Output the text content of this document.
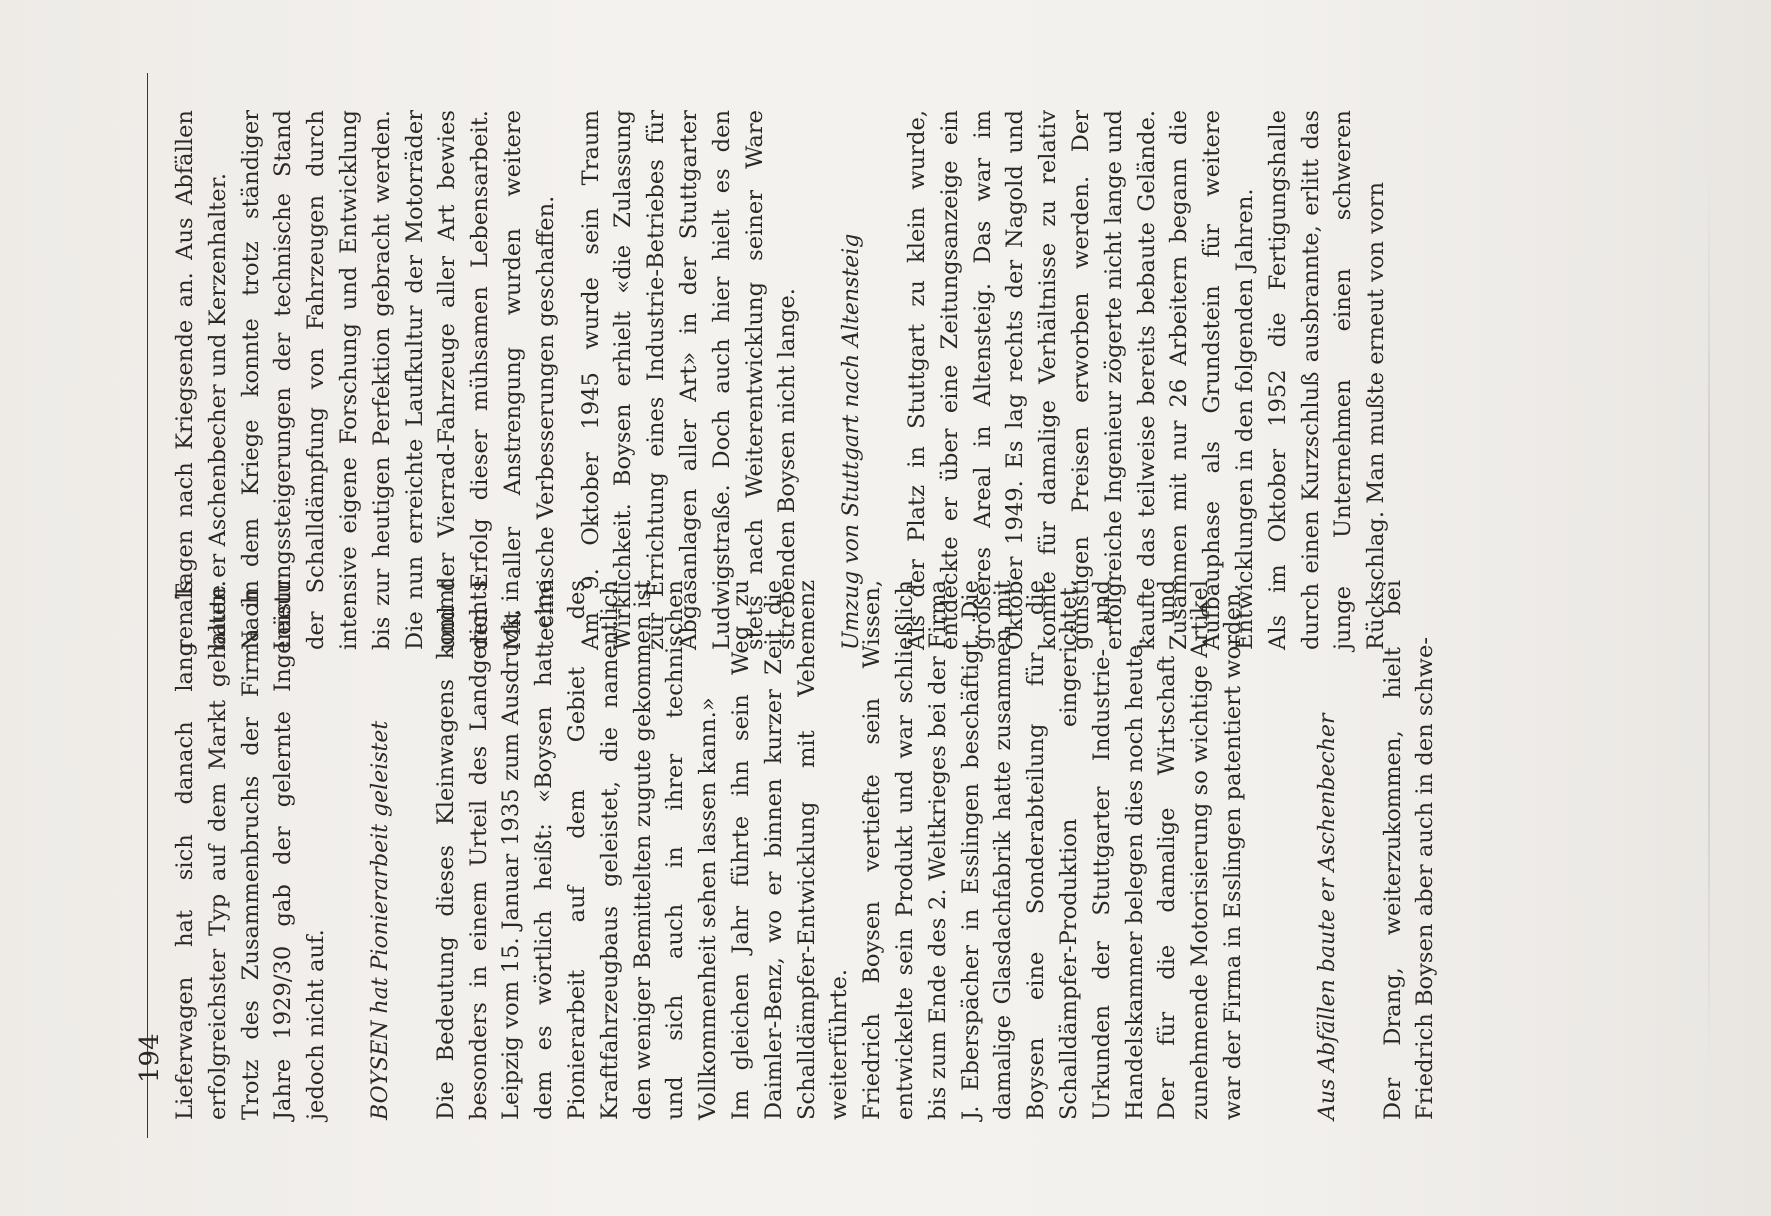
194 Lieferwagen hat sich danach lang als erfolgreichster Typ auf dem Markt gehalten. Trotz des Zusammenbruchs der Firma im Jahre 1929/30 gab der gelernte Ingenieur jedoch nicht auf. BOYSEN hat Pionierarbeit geleistet Die Bedeutung dieses Kleinwagens kommt besonders in einem Urteil des Landgerichts Leipzig vom 15. Januar 1935 zum Ausdruck, in dem es wörtlich heißt: «Boysen hat eine Pionierarbeit auf dem Gebiet des Kraftfahrzeugbaus geleistet, die namentlich den weniger Bemittelten zugute gekommen ist und sich auch in ihrer technischen Vollkommenheit sehen lassen kann.» Im gleichen Jahr führte ihn sein Weg zu Daimler-Benz, wo er binnen kurzer Zeit die Schalldämpfer-Entwicklung mit Vehemenz weiterführte. Friedrich Boysen vertiefte sein Wissen, entwickelte sein Produkt und war schließlich bis zum Ende des 2. Weltkrieges bei der Firma J. Eberspächer in Esslingen beschäftigt. Die damalige Glasdachfabrik hatte zusammen mit Boysen eine Sonderabteilung für die Schalldämpfer-Produktion eingerichtet. Urkunden der Stuttgarter Industrie- und Handelskammer belegen dies noch heute. Der für die damalige Wirtschaft und zunehmende Motorisierung so wichtige Artikel war der Firma in Esslingen patentiert worden.	Aus Abfällen baute er Aschenbecher Der Drang, weiterzukommen, hielt bei Friedrich Boysen aber auch in den schwe-

ren Tagen nach Kriegsende an. Aus Abfällen baute er Aschenbecher und Kerzenhalter. Nach dem Kriege konnte trotz ständiger Leistungssteigerungen der technische Stand der Schalldämpfung von Fahrzeugen durch intensive eigene Forschung und Entwicklung bis zur heutigen Perfektion gebracht werden. Die nun erreichte Laufkultur der Motorräder und der Vierrad-Fahrzeuge aller Art bewies den Erfolg dieser mühsamen Lebensarbeit. Mit aller Anstrengung wurden weitere technische Verbesserungen geschaffen. Am 9. Oktober 1945 wurde sein Traum Wirklichkeit. Boysen erhielt «die Zulassung zur Errichtung eines Industrie-Betriebes für Abgasanlagen aller Art» in der Stuttgarter Ludwigstraße. Doch auch hier hielt es den stets nach Weiterentwicklung seiner Ware strebenden Boysen nicht lange. Umzug von Stuttgart nach Altensteig Als der Platz in Stuttgart zu klein wurde, entdeckte er über eine Zeitungsanzeige ein größeres Areal in Altensteig. Das war im Oktober 1949. Es lag rechts der Nagold und konnte für damalige Verhältnisse zu relativ günstigen Preisen erworben werden. Der erfolgreiche Ingenieur zögerte nicht lange und kaufte das teilweise bereits bebaute Gelände. Zusammen mit nur 26 Arbeitern begann die Aufbauphase als Grundstein für weitere Entwicklungen in den folgenden Jahren. Als im Oktober 1952 die Fertigungshalle durch einen Kurzschluß ausbrannte, erlitt das junge Unternehmen einen schweren Rückschlag. Man mußte erneut von vorn
